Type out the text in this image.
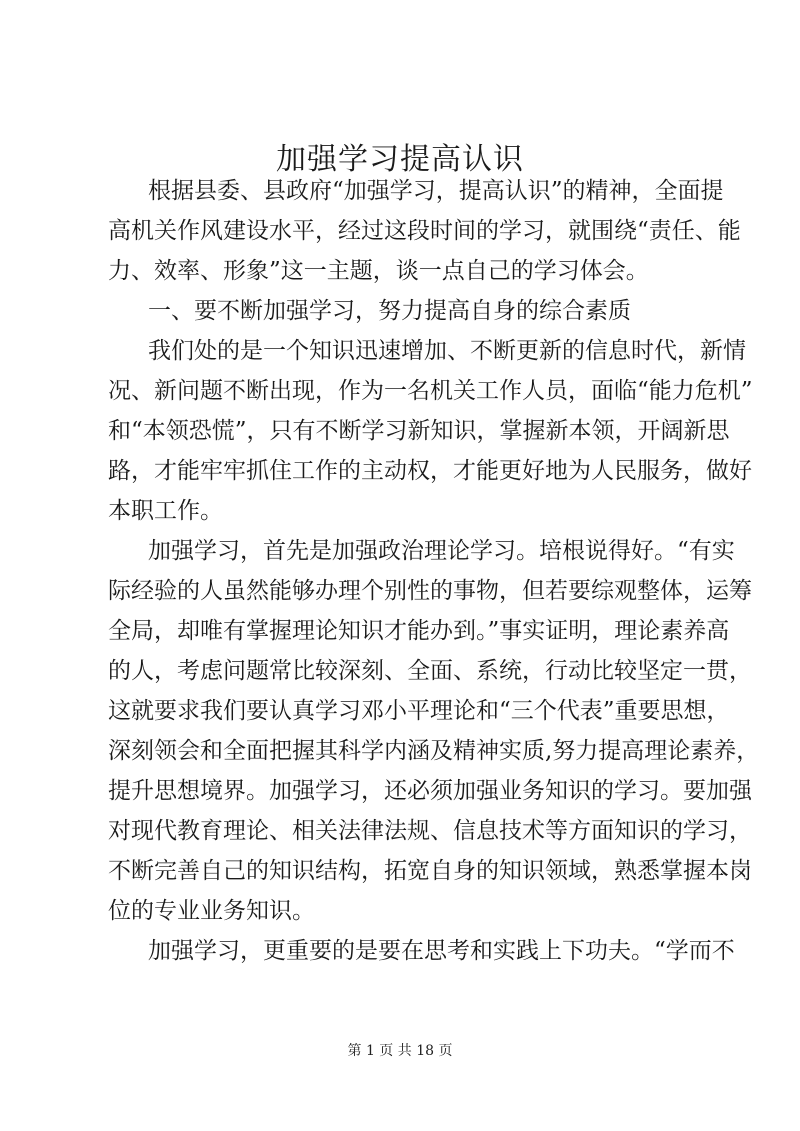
加强学习提高认识
根据县委、县政府“加强学习，提高认识”的精神，全面提
高机关作风建设水平，经过这段时间的学习，就围绕“责任、能
力、效率、形象”这一主题，谈一点自己的学习体会。
一、要不断加强学习，努力提高自身的综合素质
我们处的是一个知识迅速增加、不断更新的信息时代，新情
况、新问题不断出现，作为一名机关工作人员，面临“能力危机”
和“本领恐慌”，只有不断学习新知识，掌握新本领，开阔新思
路，才能牢牢抓住工作的主动权，才能更好地为人民服务，做好
本职工作。
加强学习，首先是加强政治理论学习。培根说得好。“有实
际经验的人虽然能够办理个别性的事物，但若要综观整体，运筹
全局，却唯有掌握理论知识才能办到。”事实证明，理论素养高
的人，考虑问题常比较深刻、全面、系统，行动比较坚定一贯，
这就要求我们要认真学习邓小平理论和“三个代表”重要思想，
深刻领会和全面把握其科学内涵及精神实质,努力提高理论素养，
提升思想境界。加强学习，还必须加强业务知识的学习。要加强
对现代教育理论、相关法律法规、信息技术等方面知识的学习，
不断完善自己的知识结构，拓宽自身的知识领域，熟悉掌握本岗
位的专业业务知识。
加强学习，更重要的是要在思考和实践上下功夫。“学而不
第 1 页 共 18 页
